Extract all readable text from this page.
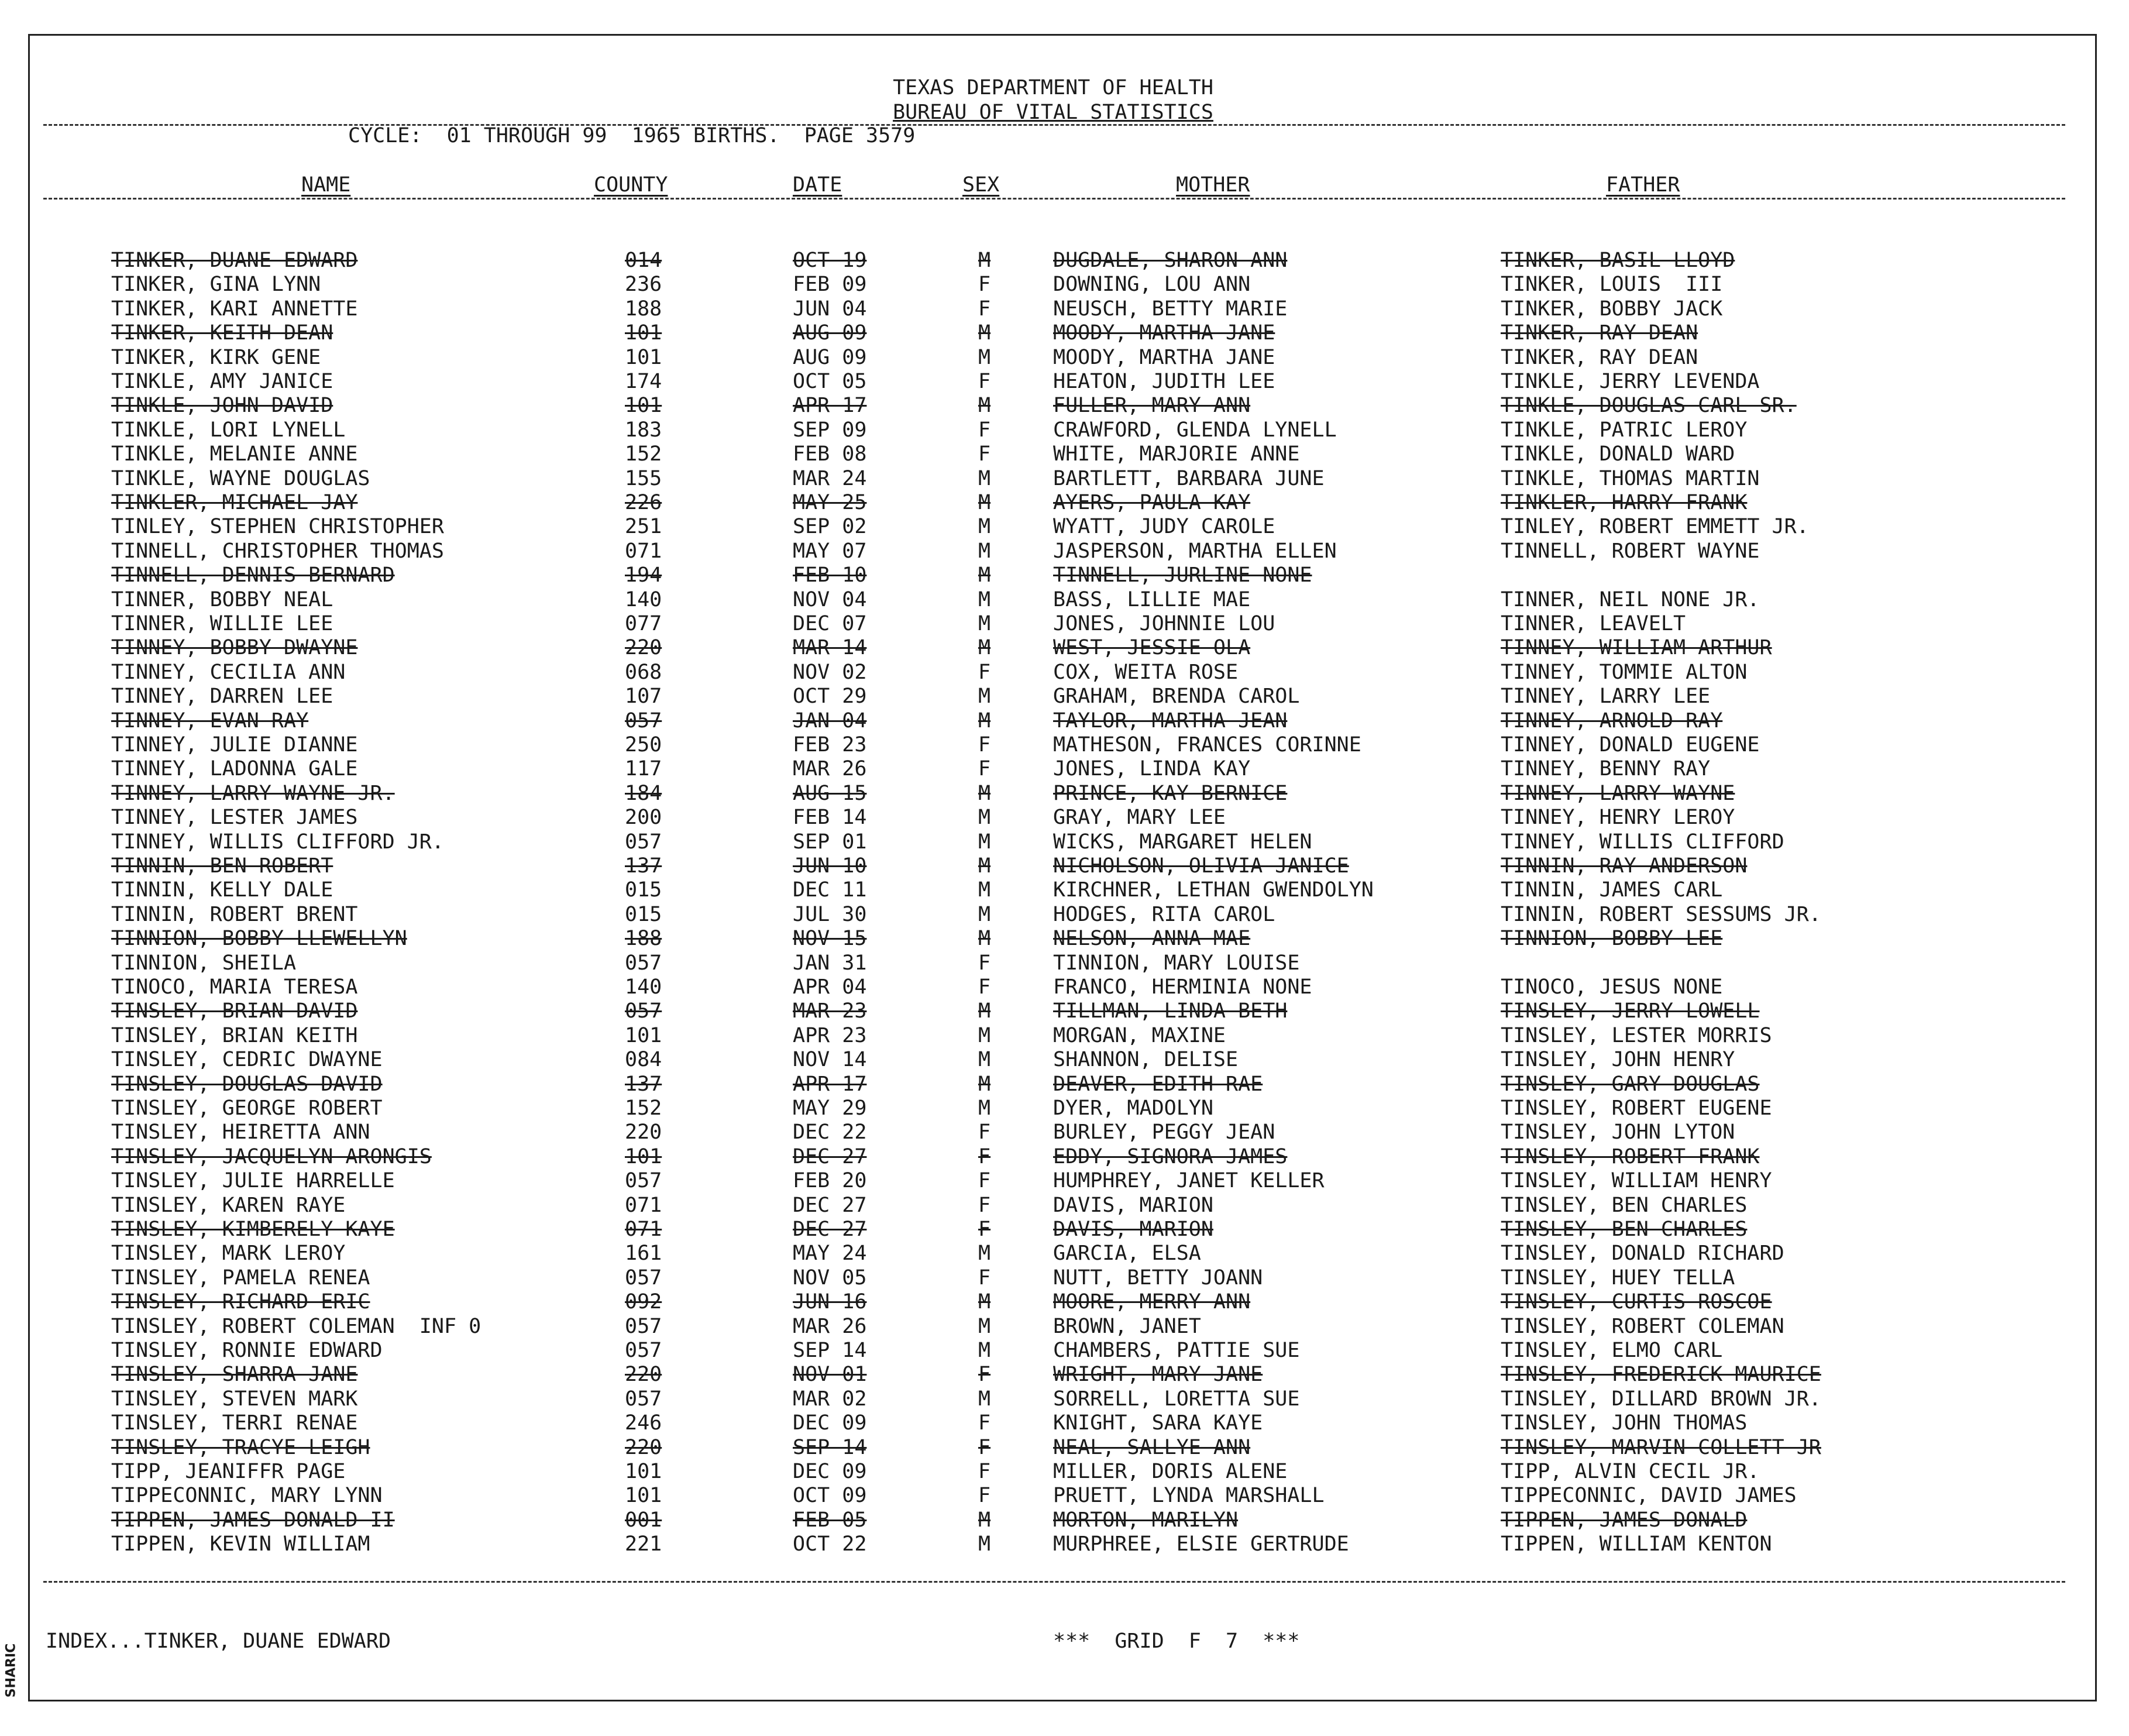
SHARIC
TEXAS DEPARTMENT OF HEALTH
BUREAU OF VITAL STATISTICS
CYCLE:  01 THROUGH 99  1965 BIRTHS.  PAGE 3579
NAME	COUNTY	DATE	SEX	MOTHER	FATHER
TINKER, DUANE EDWARD	014	OCT 19	M	DUGDALE, SHARON ANN	TINKER, BASIL LLOYD
TINKER, GINA LYNN	236	FEB 09	F	DOWNING, LOU ANN	TINKER, LOUIS  III
TINKER, KARI ANNETTE	188	JUN 04	F	NEUSCH, BETTY MARIE	TINKER, BOBBY JACK
TINKER, KEITH DEAN	101	AUG 09	M	MOODY, MARTHA JANE	TINKER, RAY DEAN
TINKER, KIRK GENE	101	AUG 09	M	MOODY, MARTHA JANE	TINKER, RAY DEAN
TINKLE, AMY JANICE	174	OCT 05	F	HEATON, JUDITH LEE	TINKLE, JERRY LEVENDA
TINKLE, JOHN DAVID	101	APR 17	M	FULLER, MARY ANN	TINKLE, DOUGLAS CARL SR.
TINKLE, LORI LYNELL	183	SEP 09	F	CRAWFORD, GLENDA LYNELL	TINKLE, PATRIC LEROY
TINKLE, MELANIE ANNE	152	FEB 08	F	WHITE, MARJORIE ANNE	TINKLE, DONALD WARD
TINKLE, WAYNE DOUGLAS	155	MAR 24	M	BARTLETT, BARBARA JUNE	TINKLE, THOMAS MARTIN
TINKLER, MICHAEL JAY	226	MAY 25	M	AYERS, PAULA KAY	TINKLER, HARRY FRANK
TINLEY, STEPHEN CHRISTOPHER	251	SEP 02	M	WYATT, JUDY CAROLE	TINLEY, ROBERT EMMETT JR.
TINNELL, CHRISTOPHER THOMAS	071	MAY 07	M	JASPERSON, MARTHA ELLEN	TINNELL, ROBERT WAYNE
TINNELL, DENNIS BERNARD	194	FEB 10	M	TINNELL, JURLINE NONE
TINNER, BOBBY NEAL	140	NOV 04	M	BASS, LILLIE MAE	TINNER, NEIL NONE JR.
TINNER, WILLIE LEE	077	DEC 07	M	JONES, JOHNNIE LOU	TINNER, LEAVELT
TINNEY, BOBBY DWAYNE	220	MAR 14	M	WEST, JESSIE OLA	TINNEY, WILLIAM ARTHUR
TINNEY, CECILIA ANN	068	NOV 02	F	COX, WEITA ROSE	TINNEY, TOMMIE ALTON
TINNEY, DARREN LEE	107	OCT 29	M	GRAHAM, BRENDA CAROL	TINNEY, LARRY LEE
TINNEY, EVAN RAY	057	JAN 04	M	TAYLOR, MARTHA JEAN	TINNEY, ARNOLD RAY
TINNEY, JULIE DIANNE	250	FEB 23	F	MATHESON, FRANCES CORINNE	TINNEY, DONALD EUGENE
TINNEY, LADONNA GALE	117	MAR 26	F	JONES, LINDA KAY	TINNEY, BENNY RAY
TINNEY, LARRY WAYNE JR.	184	AUG 15	M	PRINCE, KAY BERNICE	TINNEY, LARRY WAYNE
TINNEY, LESTER JAMES	200	FEB 14	M	GRAY, MARY LEE	TINNEY, HENRY LEROY
TINNEY, WILLIS CLIFFORD JR.	057	SEP 01	M	WICKS, MARGARET HELEN	TINNEY, WILLIS CLIFFORD
TINNIN, BEN ROBERT	137	JUN 10	M	NICHOLSON, OLIVIA JANICE	TINNIN, RAY ANDERSON
TINNIN, KELLY DALE	015	DEC 11	M	KIRCHNER, LETHAN GWENDOLYN	TINNIN, JAMES CARL
TINNIN, ROBERT BRENT	015	JUL 30	M	HODGES, RITA CAROL	TINNIN, ROBERT SESSUMS JR.
TINNION, BOBBY LLEWELLYN	188	NOV 15	M	NELSON, ANNA MAE	TINNION, BOBBY LEE
TINNION, SHEILA	057	JAN 31	F	TINNION, MARY LOUISE
TINOCO, MARIA TERESA	140	APR 04	F	FRANCO, HERMINIA NONE	TINOCO, JESUS NONE
TINSLEY, BRIAN DAVID	057	MAR 23	M	TILLMAN, LINDA BETH	TINSLEY, JERRY LOWELL
TINSLEY, BRIAN KEITH	101	APR 23	M	MORGAN, MAXINE	TINSLEY, LESTER MORRIS
TINSLEY, CEDRIC DWAYNE	084	NOV 14	M	SHANNON, DELISE	TINSLEY, JOHN HENRY
TINSLEY, DOUGLAS DAVID	137	APR 17	M	DEAVER, EDITH RAE	TINSLEY, GARY DOUGLAS
TINSLEY, GEORGE ROBERT	152	MAY 29	M	DYER, MADOLYN	TINSLEY, ROBERT EUGENE
TINSLEY, HEIRETTA ANN	220	DEC 22	F	BURLEY, PEGGY JEAN	TINSLEY, JOHN LYTON
TINSLEY, JACQUELYN ARONGIS	101	DEC 27	F	EDDY, SIGNORA JAMES	TINSLEY, ROBERT FRANK
TINSLEY, JULIE HARRELLE	057	FEB 20	F	HUMPHREY, JANET KELLER	TINSLEY, WILLIAM HENRY
TINSLEY, KAREN RAYE	071	DEC 27	F	DAVIS, MARION	TINSLEY, BEN CHARLES
TINSLEY, KIMBERELY KAYE	071	DEC 27	F	DAVIS, MARION	TINSLEY, BEN CHARLES
TINSLEY, MARK LEROY	161	MAY 24	M	GARCIA, ELSA	TINSLEY, DONALD RICHARD
TINSLEY, PAMELA RENEA	057	NOV 05	F	NUTT, BETTY JOANN	TINSLEY, HUEY TELLA
TINSLEY, RICHARD ERIC	092	JUN 16	M	MOORE, MERRY ANN	TINSLEY, CURTIS ROSCOE
TINSLEY, ROBERT COLEMAN  INF 0	057	MAR 26	M	BROWN, JANET	TINSLEY, ROBERT COLEMAN
TINSLEY, RONNIE EDWARD	057	SEP 14	M	CHAMBERS, PATTIE SUE	TINSLEY, ELMO CARL
TINSLEY, SHARRA JANE	220	NOV 01	F	WRIGHT, MARY JANE	TINSLEY, FREDERICK MAURICE
TINSLEY, STEVEN MARK	057	MAR 02	M	SORRELL, LORETTA SUE	TINSLEY, DILLARD BROWN JR.
TINSLEY, TERRI RENAE	246	DEC 09	F	KNIGHT, SARA KAYE	TINSLEY, JOHN THOMAS
TINSLEY, TRACYE LEIGH	220	SEP 14	F	NEAL, SALLYE ANN	TINSLEY, MARVIN COLLETT JR
TIPP, JEANIFFR PAGE	101	DEC 09	F	MILLER, DORIS ALENE	TIPP, ALVIN CECIL JR.
TIPPECONNIC, MARY LYNN	101	OCT 09	F	PRUETT, LYNDA MARSHALL	TIPPECONNIC, DAVID JAMES
TIPPEN, JAMES DONALD II	001	FEB 05	M	MORTON, MARILYN	TIPPEN, JAMES DONALD
TIPPEN, KEVIN WILLIAM	221	OCT 22	M	MURPHREE, ELSIE GERTRUDE	TIPPEN, WILLIAM KENTON
INDEX...TINKER, DUANE EDWARD	***  GRID  F  7  ***
